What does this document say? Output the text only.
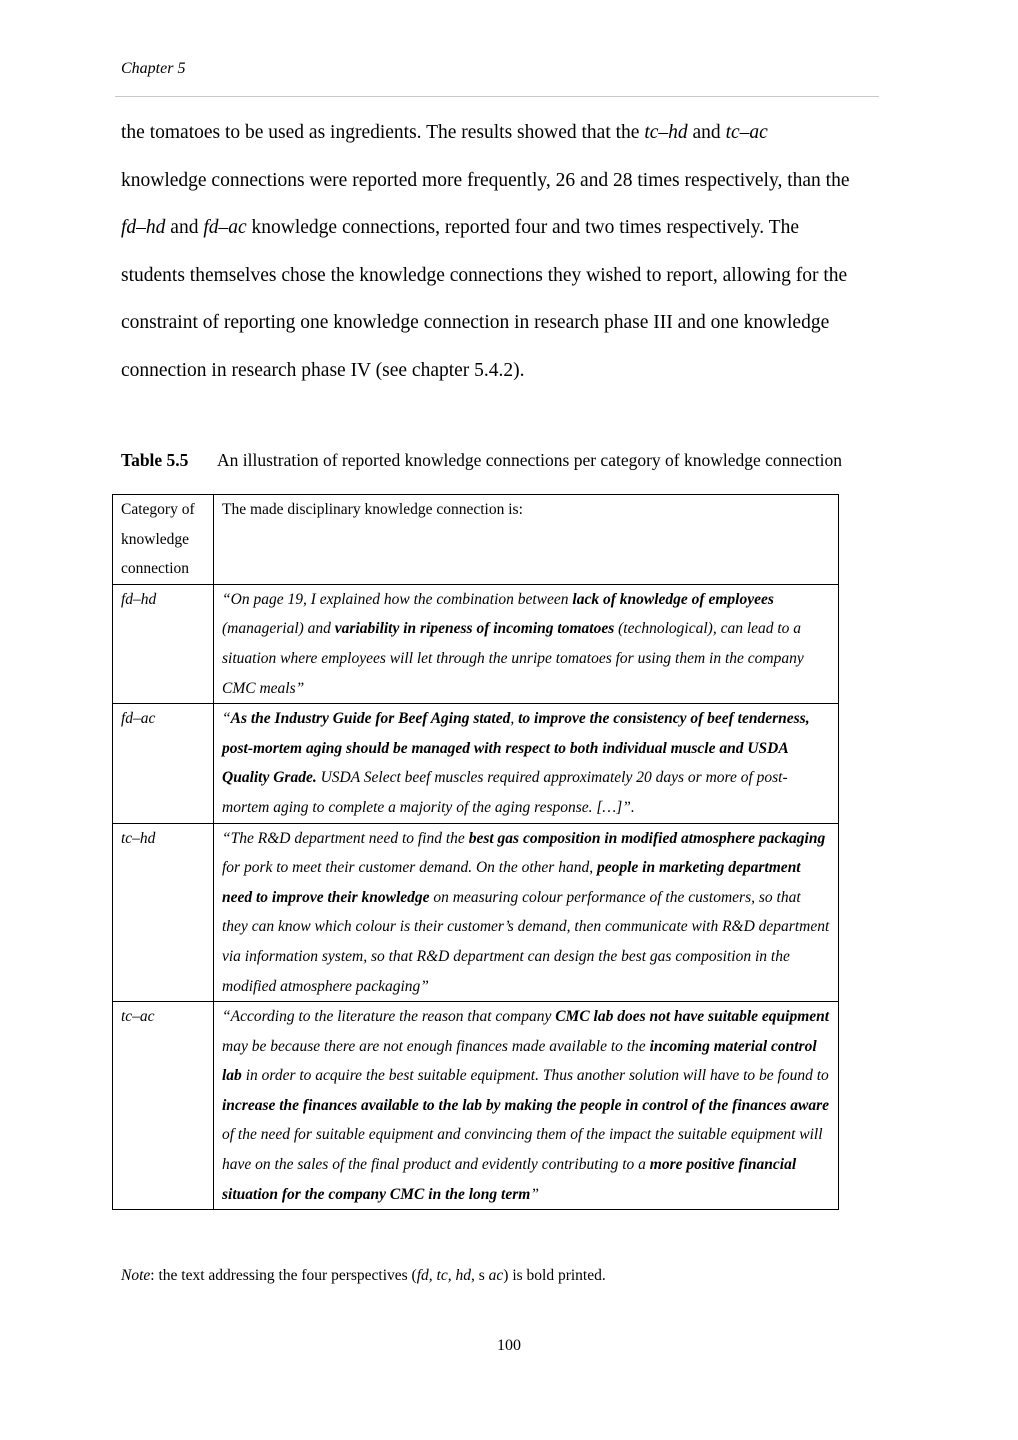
Chapter 5
the tomatoes to be used as ingredients. The results showed that the tc–hd and tc–ac
knowledge connections were reported more frequently, 26 and 28 times respectively, than the
fd–hd and fd–ac knowledge connections, reported four and two times respectively. The
students themselves chose the knowledge connections they wished to report, allowing for the
constraint of reporting one knowledge connection in research phase III and one knowledge
connection in research phase IV (see chapter 5.4.2).
Table 5.5 An illustration of reported knowledge connections per category of knowledge connection
Category of knowledge connection	The made disciplinary knowledge connection is:
fd–hd	“On page 19, I explained how the combination between lack of knowledge of employees (managerial) and variability in ripeness of incoming tomatoes (technological), can lead to a situation where employees will let through the unripe tomatoes for using them in the company CMC meals”
fd–ac	“As the Industry Guide for Beef Aging stated, to improve the consistency of beef tenderness, post-mortem aging should be managed with respect to both individual muscle and USDA Quality Grade. USDA Select beef muscles required approximately 20 days or more of post-mortem aging to complete a majority of the aging response. […]”.
tc–hd	“The R&D department need to find the best gas composition in modified atmosphere packaging for pork to meet their customer demand. On the other hand, people in marketing department need to improve their knowledge on measuring colour performance of the customers, so that they can know which colour is their customer’s demand, then communicate with R&D department via information system, so that R&D department can design the best gas composition in the modified atmosphere packaging”
tc–ac	“According to the literature the reason that company CMC lab does not have suitable equipment may be because there are not enough finances made available to the incoming material control lab in order to acquire the best suitable equipment. Thus another solution will have to be found to increase the finances available to the lab by making the people in control of the finances aware of the need for suitable equipment and convincing them of the impact the suitable equipment will have on the sales of the final product and evidently contributing to a more positive financial situation for the company CMC in the long term”
Note: the text addressing the four perspectives (fd, tc, hd, s ac) is bold printed.
100
